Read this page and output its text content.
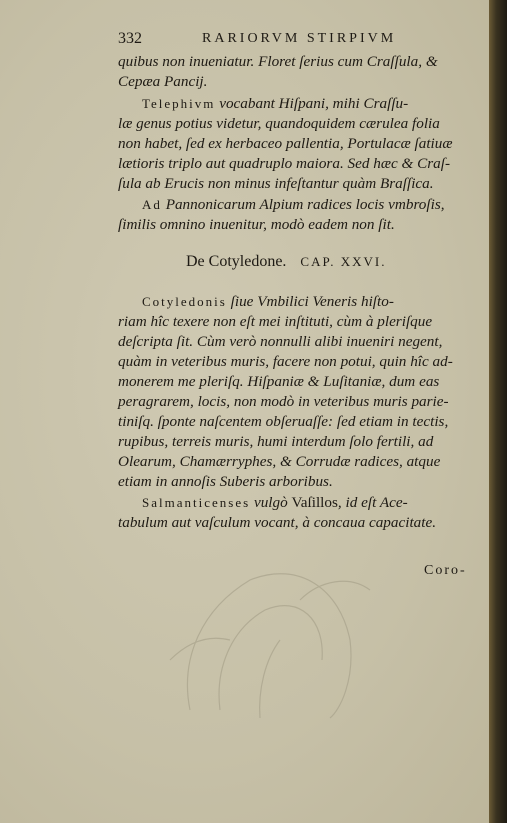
332	RARIORVM STIRPIVM
quibus non inueniatur. Floret ſerius cum Craſſula, &
Cepæa Pancij.
Telephivm vocabant Hiſpani, mihi Craſſu-
læ genus potius videtur, quandoquidem cærulea folia
non habet, ſed ex herbaceo pallentia, Portulacæ ſatiuæ
lætioris triplo aut quadruplo maiora. Sed hæc & Craſ-
ſula ab Erucis non minus infeſtantur quàm Braſſica.
Ad Pannonicarum Alpium radices locis vmbroſis,
ſimilis omnino inuenitur, modò eadem non ſit.
Cotyledonis ſiue Vmbilici Veneris hiſto-
riam hîc texere non eſt mei inſtituti, cùm à pleriſque
deſcripta ſit. Cùm verò nonnulli alibi inueniri negent,
quàm in veteribus muris, facere non potui, quin hîc ad-
monerem me pleriſq. Hiſpaniæ & Luſitaniæ, dum eas
peragrarem, locis, non modò in veteribus muris parie-
tiniſq. ſponte naſcentem obſeruaſſe: ſed etiam in tectis,
rupibus, terreis muris, humi interdum ſolo fertili, ad
Olearum, Chamærryphes, & Corrudæ radices, atque
etiam in annoſis Suberis arboribus.
Salmanticenses vulgò Vaſillos, id eſt Ace-
tabulum aut vaſculum vocant, à concaua capacitate.
De Cotyledone. CAP. XXVI.
Coro-
